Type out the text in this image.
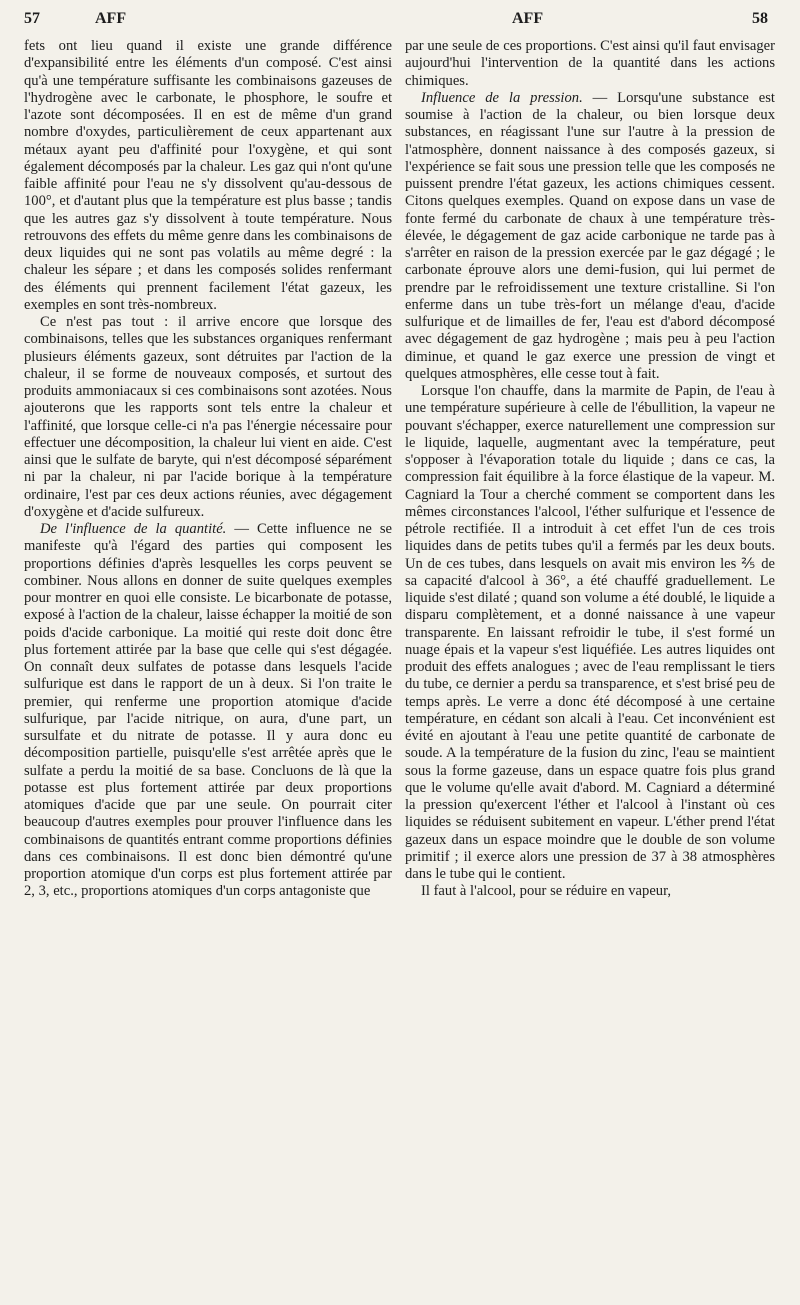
57	AFF	AFF	58

fets ont lieu quand il existe une grande différence d'expansibilité entre les éléments d'un composé. C'est ainsi qu'à une température suffisante les combinaisons gazeuses de l'hydrogène avec le carbonate, le phosphore, le soufre et l'azote sont décomposées. Il en est de même d'un grand nombre d'oxydes, particulièrement de ceux appartenant aux métaux ayant peu d'affinité pour l'oxygène, et qui sont également décomposés par la chaleur. Les gaz qui n'ont qu'une faible affinité pour l'eau ne s'y dissolvent qu'au-dessous de 100°, et d'autant plus que la température est plus basse ; tandis que les autres gaz s'y dissolvent à toute température. Nous retrouvons des effets du même genre dans les combinaisons de deux liquides qui ne sont pas volatils au même degré : la chaleur les sépare ; et dans les composés solides renfermant des éléments qui prennent facilement l'état gazeux, les exemples en sont très-nombreux.

Ce n'est pas tout : il arrive encore que lorsque des combinaisons, telles que les substances organiques renfermant plusieurs éléments gazeux, sont détruites par l'action de la chaleur, il se forme de nouveaux composés, et surtout des produits ammoniacaux si ces combinaisons sont azotées. Nous ajouterons que les rapports sont tels entre la chaleur et l'affinité, que lorsque celle-ci n'a pas l'énergie nécessaire pour effectuer une décomposition, la chaleur lui vient en aide. C'est ainsi que le sulfate de baryte, qui n'est décomposé séparément ni par la chaleur, ni par l'acide borique à la température ordinaire, l'est par ces deux actions réunies, avec dégagement d'oxygène et d'acide sulfureux.

De l'influence de la quantité. — Cette influence ne se manifeste qu'à l'égard des parties qui composent les proportions définies d'après lesquelles les corps peuvent se combiner. Nous allons en donner de suite quelques exemples pour montrer en quoi elle consiste. Le bicarbonate de potasse, exposé à l'action de la chaleur, laisse échapper la moitié de son poids d'acide carbonique. La moitié qui reste doit donc être plus fortement attirée par la base que celle qui s'est dégagée. On connaît deux sulfates de potasse dans lesquels l'acide sulfurique est dans le rapport de un à deux. Si l'on traite le premier, qui renferme une proportion atomique d'acide sulfurique, par l'acide nitrique, on aura, d'une part, un sursulfate et du nitrate de potasse. Il y aura donc eu décomposition partielle, puisqu'elle s'est arrêtée après que le sulfate a perdu la moitié de sa base. Concluons de là que la potasse est plus fortement attirée par deux proportions atomiques d'acide que par une seule. On pourrait citer beaucoup d'autres exemples pour prouver l'influence dans les combinaisons de quantités entrant comme proportions définies dans ces combinaisons. Il est donc bien démontré qu'une proportion atomique d'un corps est plus fortement attirée par 2, 3, etc., proportions atomiques d'un corps antagoniste que

par une seule de ces proportions. C'est ainsi qu'il faut envisager aujourd'hui l'intervention de la quantité dans les actions chimiques.

Influence de la pression. — Lorsqu'une substance est soumise à l'action de la chaleur, ou bien lorsque deux substances, en réagissant l'une sur l'autre à la pression de l'atmosphère, donnent naissance à des composés gazeux, si l'expérience se fait sous une pression telle que les composés ne puissent prendre l'état gazeux, les actions chimiques cessent. Citons quelques exemples. Quand on expose dans un vase de fonte fermé du carbonate de chaux à une température très-élevée, le dégagement de gaz acide carbonique ne tarde pas à s'arrêter en raison de la pression exercée par le gaz dégagé ; le carbonate éprouve alors une demi-fusion, qui lui permet de prendre par le refroidissement une texture cristalline. Si l'on enferme dans un tube très-fort un mélange d'eau, d'acide sulfurique et de limailles de fer, l'eau est d'abord décomposé avec dégagement de gaz hydrogène ; mais peu à peu l'action diminue, et quand le gaz exerce une pression de vingt et quelques atmosphères, elle cesse tout à fait.

Lorsque l'on chauffe, dans la marmite de Papin, de l'eau à une température supérieure à celle de l'ébullition, la vapeur ne pouvant s'échapper, exerce naturellement une compression sur le liquide, laquelle, augmentant avec la température, peut s'opposer à l'évaporation totale du liquide ; dans ce cas, la compression fait équilibre à la force élastique de la vapeur. M. Cagniard la Tour a cherché comment se comportent dans les mêmes circonstances l'alcool, l'éther sulfurique et l'essence de pétrole rectifiée. Il a introduit à cet effet l'un de ces trois liquides dans de petits tubes qu'il a fermés par les deux bouts. Un de ces tubes, dans lesquels on avait mis environ les ⅖ de sa capacité d'alcool à 36°, a été chauffé graduellement. Le liquide s'est dilaté ; quand son volume a été doublé, le liquide a disparu complètement, et a donné naissance à une vapeur transparente. En laissant refroidir le tube, il s'est formé un nuage épais et la vapeur s'est liquéfiée. Les autres liquides ont produit des effets analogues ; avec de l'eau remplissant le tiers du tube, ce dernier a perdu sa transparence, et s'est brisé peu de temps après. Le verre a donc été décomposé à une certaine température, en cédant son alcali à l'eau. Cet inconvénient est évité en ajoutant à l'eau une petite quantité de carbonate de soude. A la température de la fusion du zinc, l'eau se maintient sous la forme gazeuse, dans un espace quatre fois plus grand que le volume qu'elle avait d'abord. M. Cagniard a déterminé la pression qu'exercent l'éther et l'alcool à l'instant où ces liquides se réduisent subitement en vapeur. L'éther prend l'état gazeux dans un espace moindre que le double de son volume primitif ; il exerce alors une pression de 37 à 38 atmosphères dans le tube qui le contient.

Il faut à l'alcool, pour se réduire en vapeur,
